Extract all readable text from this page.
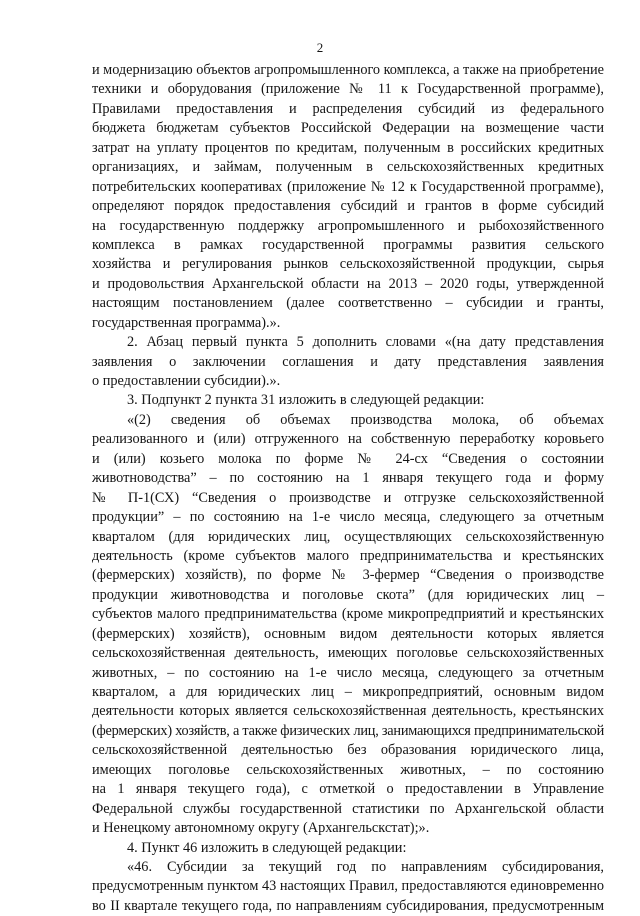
2
и модернизацию объектов агропромышленного комплекса, а также на приобретение
техники и оборудования (приложение № 11 к Государственной программе),
Правилами предоставления и распределения субсидий из федерального
бюджета бюджетам субъектов Российской Федерации на возмещение части
затрат на уплату процентов по кредитам, полученным в российских кредитных
организациях, и займам, полученным в сельскохозяйственных кредитных
потребительских кооперативах (приложение № 12 к Государственной программе),
определяют порядок предоставления субсидий и грантов в форме субсидий
на государственную поддержку агропромышленного и рыбохозяйственного
комплекса в рамках государственной программы развития сельского
хозяйства и регулирования рынков сельскохозяйственной продукции, сырья
и продовольствия Архангельской области на 2013 – 2020 годы, утвержденной
настоящим постановлением (далее соответственно – субсидии и гранты,
государственная программа).».
2. Абзац первый пункта 5 дополнить словами «(на дату представления
заявления о заключении соглашения и дату представления заявления
о предоставлении субсидии).».
3. Подпункт 2 пункта 31 изложить в следующей редакции:
«(2) сведения об объемах производства молока, об объемах
реализованного и (или) отгруженного на собственную переработку коровьего
и (или) козьего молока по форме № 24-сх “Сведения о состоянии
животноводства” – по состоянию на 1 января текущего года и форму
№ П-1(СХ) “Сведения о производстве и отгрузке сельскохозяйственной
продукции” – по состоянию на 1-е число месяца, следующего за отчетным
кварталом (для юридических лиц, осуществляющих сельскохозяйственную
деятельность (кроме субъектов малого предпринимательства и крестьянских
(фермерских) хозяйств), по форме № 3-фермер “Сведения о производстве
продукции животноводства и поголовье скота” (для юридических лиц –
субъектов малого предпринимательства (кроме микропредприятий и крестьянских
(фермерских) хозяйств), основным видом деятельности которых является
сельскохозяйственная деятельность, имеющих поголовье сельскохозяйственных
животных, – по состоянию на 1-е число месяца, следующего за отчетным
кварталом, а для юридических лиц – микропредприятий, основным видом
деятельности которых является сельскохозяйственная деятельность, крестьянских
(фермерских) хозяйств, а также физических лиц, занимающихся предпринимательской
сельскохозяйственной деятельностью без образования юридического лица,
имеющих поголовье сельскохозяйственных животных, – по состоянию
на 1 января текущего года), с отметкой о предоставлении в Управление
Федеральной службы государственной статистики по Архангельской области
и Ненецкому автономному округу (Архангельскстат);».
4. Пункт 46 изложить в следующей редакции:
«46. Субсидии за текущий год по направлениям субсидирования,
предусмотренным пунктом 43 настоящих Правил, предоставляются единовременно
во II квартале текущего года, по направлениям субсидирования, предусмотренным
